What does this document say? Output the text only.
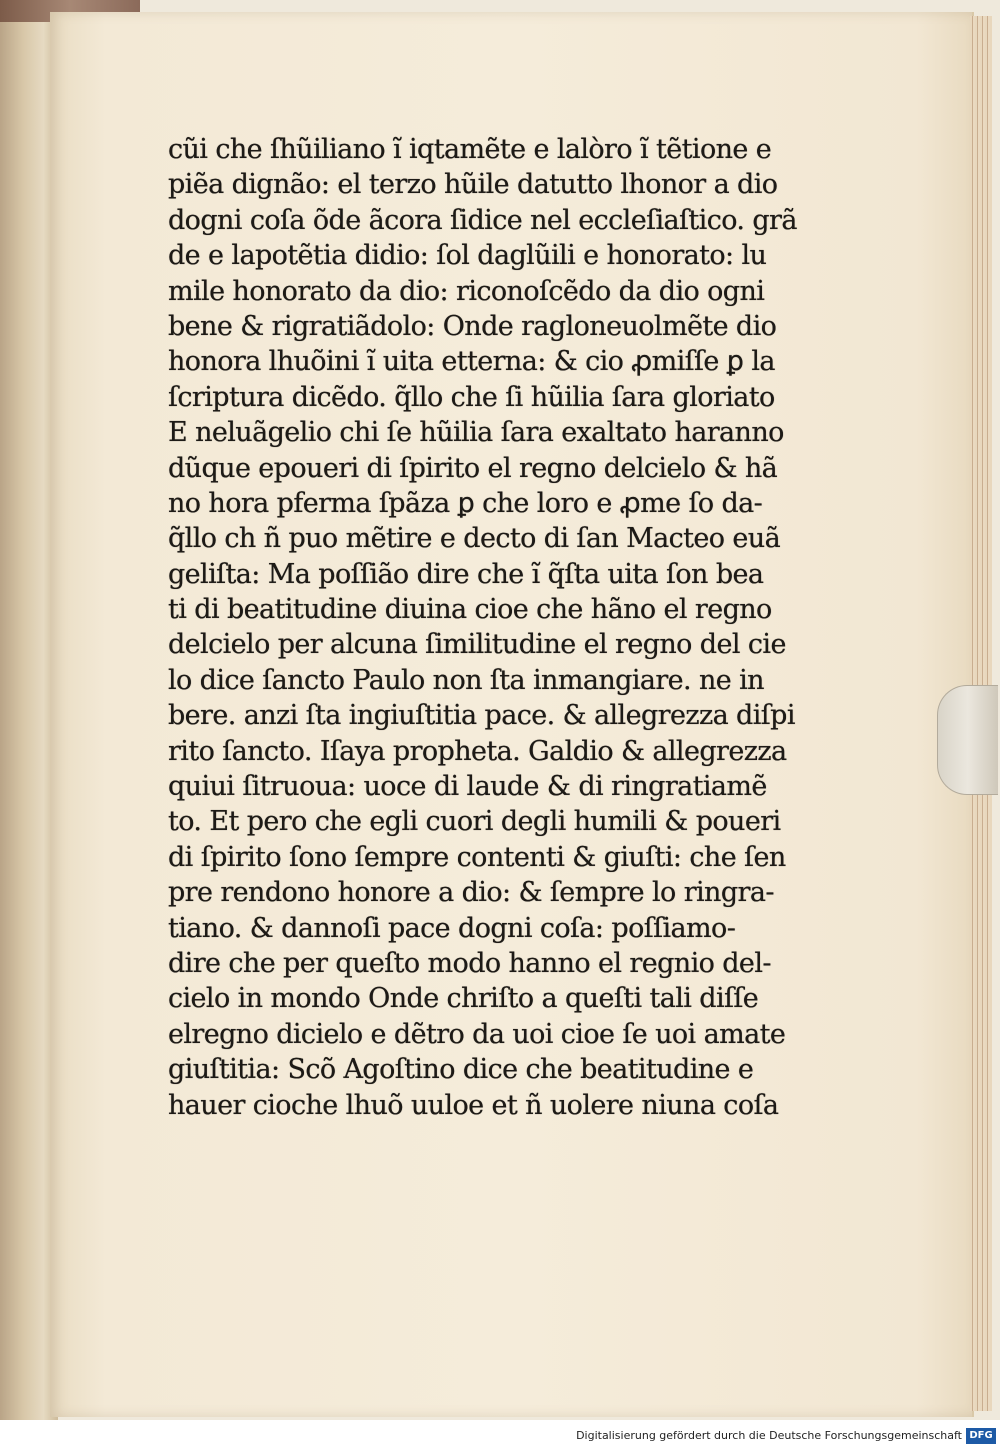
cũi che ſhũiliano ĩ iqtamẽte e lalòro ĩ tẽtione e
piẽa dignão: el terzo hũile datutto lhonor a dio
dogni coſa õde ãcora ſidice nel eccleſiaſtico. grã
de e lapotẽtia didio: ſol daglũili e honorato: lu
mile honorato da dio: riconoſcẽdo da dio ogni
bene & rigratiãdolo: Onde ragloneuolmẽte dio
honora lhuõini ĩ uita etterna: & cio ꝓmiſſe ꝑ la
ſcriptura dicẽdo. q̃llo che ſi hũilia ſara gloriato
E neluãgelio chi ſe hũilia ſara exaltato haranno
dũque epoueri di ſpirito el regno delcielo & hã
no hora pferma ſpãza ꝑ che loro e ꝓme ſo da-
q̃llo ch ñ puo mẽtire e decto di ſan Macteo euã
geliſta: Ma poſſião dire che ĩ q̃ſta uita ſon bea
ti di beatitudine diuina cioe che hãno el regno
delcielo per alcuna ſimilitudine el regno del cie
lo dice ſancto Paulo non ſta inmangiare. ne in
bere. anzi ſta ingiuſtitia pace. & allegrezza diſpi
rito ſancto. Iſaya propheta. Galdio & allegrezza
quiui ſitruoua: uoce di laude & di ringratiamẽ
to. Et pero che egli cuori degli humili & poueri
di ſpirito ſono ſempre contenti & giuſti: che ſen
pre rendono honore a dio: & ſempre lo ringra-
tiano. & dannoſi pace dogni coſa: poſſiamo-
dire che per queſto modo hanno el regnio del-
cielo in mondo Onde chriſto a queſti tali diſſe
elregno dicielo e dẽtro da uoi cioe ſe uoi amate
giuſtitia: Scõ Agoſtino dice che beatitudine e
hauer cioche lhuõ uuloe et ñ uolere niuna coſa
Digitalisierung gefördert durch die Deutsche Forschungsgemeinschaft DFG
